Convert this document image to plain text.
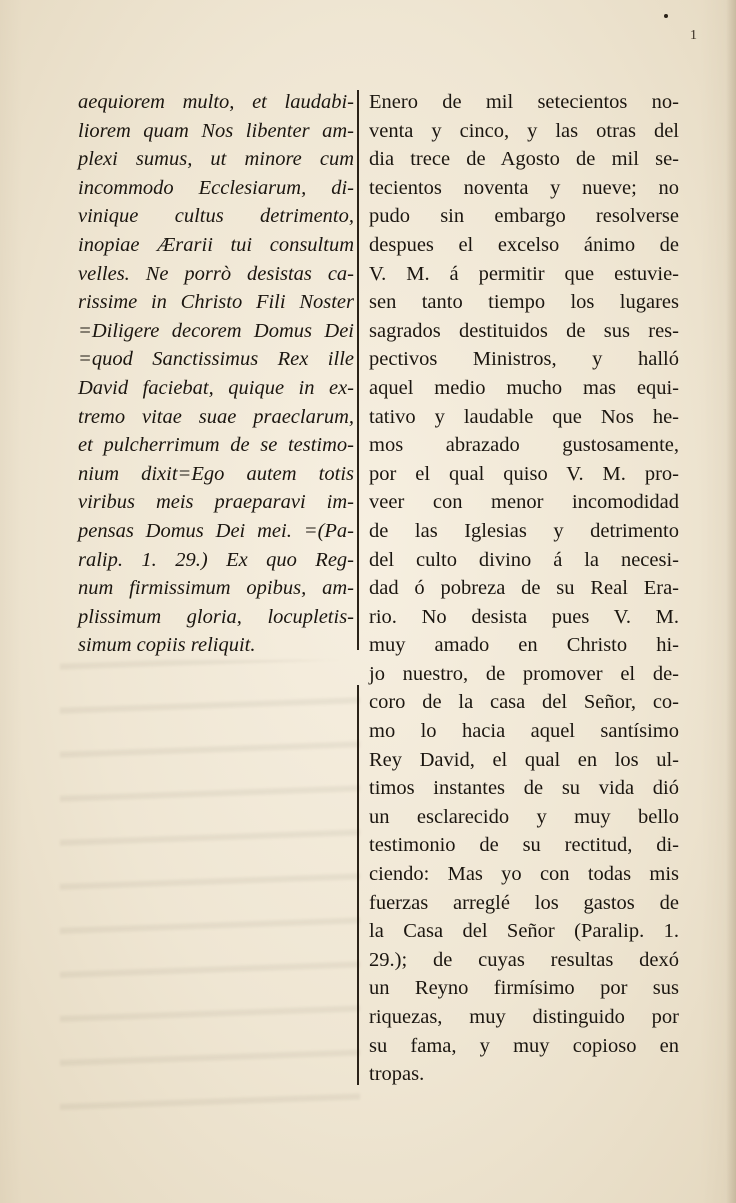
1
aequiorem multo, et laudabi-
liorem quam Nos libenter am-
plexi sumus, ut minore cum
incommodo Ecclesiarum, di-
vinique cultus detrimento,
inopiae Ærarii tui consultum
velles. Ne porrò desistas ca-
rissime in Christo Fili Noster
=Diligere decorem Domus Dei
=quod Sanctissimus Rex ille
David faciebat, quique in ex-
tremo vitae suae praeclarum,
et pulcherrimum de se testimo-
nium dixit=Ego autem totis
viribus meis praeparavi im-
pensas Domus Dei mei. =(Pa-
ralip. 1. 29.) Ex quo Reg-
num firmissimum opibus, am-
plissimum gloria, locupletis-
simum copiis reliquit.
Enero de mil setecientos no-
venta y cinco, y las otras del
dia trece de Agosto de mil se-
tecientos noventa y nueve; no
pudo sin embargo resolverse
despues el excelso ánimo de
V. M. á permitir que estuvie-
sen tanto tiempo los lugares
sagrados destituidos de sus res-
pectivos Ministros, y halló
aquel medio mucho mas equi-
tativo y laudable que Nos he-
mos abrazado gustosamente,
por el qual quiso V. M. pro-
veer con menor incomodidad
de las Iglesias y detrimento
del culto divino á la necesi-
dad ó pobreza de su Real Era-
rio. No desista pues V. M.
muy amado en Christo hi-
jo nuestro, de promover el de-
coro de la casa del Señor, co-
mo lo hacia aquel santísimo
Rey David, el qual en los ul-
timos instantes de su vida dió
un esclarecido y muy bello
testimonio de su rectitud, di-
ciendo: Mas yo con todas mis
fuerzas arreglé los gastos de
la Casa del Señor (Paralip. 1.
29.); de cuyas resultas dexó
un Reyno firmísimo por sus
riquezas, muy distinguido por
su fama, y muy copioso en
tropas.
